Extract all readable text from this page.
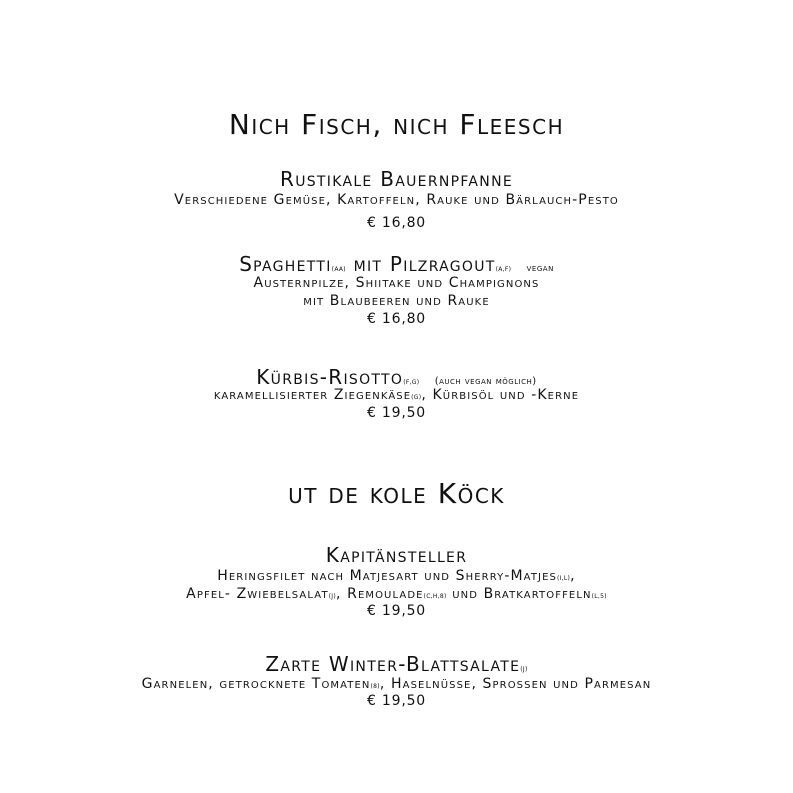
Nich Fisch, nich Fleesch
Rustikale Bauernpfanne
Verschiedene Gemüse, Kartoffeln, Rauke und Bärlauch-Pesto
€ 16,80
Spaghetti(AA) mit Pilzragout(A,F) vegan
Austernpilze, Shiitake und Champignons
mit Blaubeeren und Rauke
€ 16,80
Kürbis-Risotto(F,G) (auch vegan möglich)
karamellisierter Ziegenkäse(G), Kürbisöl und -Kerne
€ 19,50
ut de kole Köck
Kapitänsteller
Heringsfilet nach Matjesart und Sherry-Matjes(I,L),
Apfel- Zwiebelsalat(J), Remoulade(C,H,8) und Bratkartoffeln(L,5)
€ 19,50
Zarte Winter-Blattsalate(J)
Garnelen, getrocknete Tomaten(8), Haselnüsse, Sprossen und Parmesan
€ 19,50
